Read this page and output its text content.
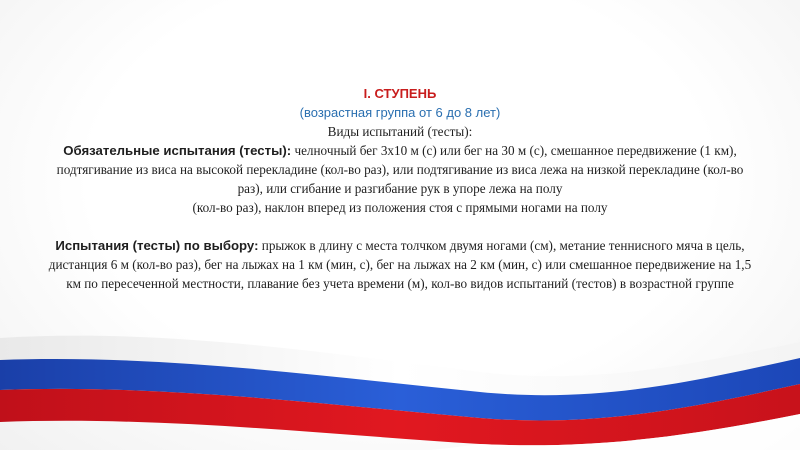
I. СТУПЕНЬ

(возрастная группа от 6 до 8 лет)

Виды испытаний (тесты):

Обязательные испытания (тесты): челночный бег 3х10 м (с) или бег на 30 м (с), смешанное передвижение (1 км), подтягивание из виса на высокой перекладине (кол-во раз), или подтягивание из виса лежа на низкой перекладине (кол-во раз), или сгибание и разгибание рук в упоре лежа на полу

(кол-во раз), наклон вперед из положения стоя с прямыми ногами на полу

Испытания (тесты) по выбору: прыжок в длину с места толчком двумя ногами (см), метание теннисного мяча в цель, дистанция 6 м (кол-во раз), бег на лыжах на 1 км (мин, с), бег на лыжах на 2 км (мин, с) или смешанное передвижение на 1,5 км по пересеченной местности, плавание без учета времени (м), кол-во видов испытаний (тестов) в возрастной группе
